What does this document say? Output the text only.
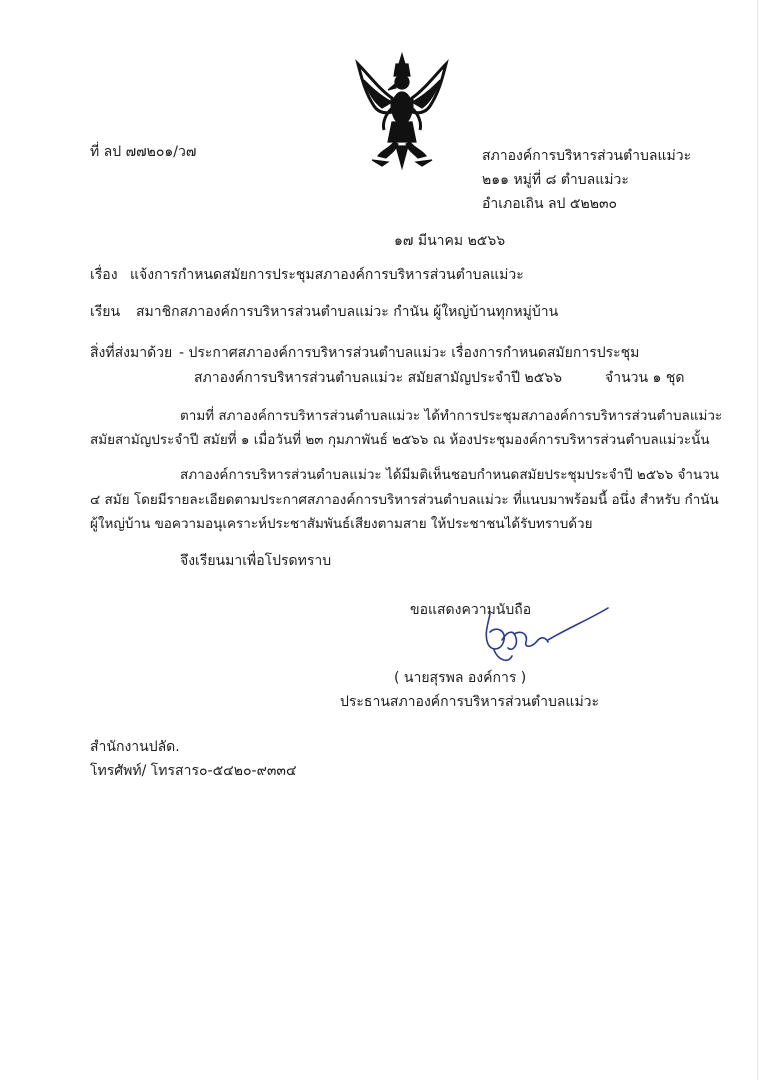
ที่ ลป ๗๗๒๐๑/ว๗	สภาองค์การบริหารส่วนตำบลแม่วะ
๒๑๑ หมู่ที่ ๘ ตำบลแม่วะ
อำเภอเถิน ลป ๕๒๒๓๐
๑๗ มีนาคม ๒๕๖๖
เรื่อง แจ้งการกำหนดสมัยการประชุมสภาองค์การบริหารส่วนตำบลแม่วะ
เรียน สมาชิกสภาองค์การบริหารส่วนตำบลแม่วะ กำนัน ผู้ใหญ่บ้านทุกหมู่บ้าน
สิ่งที่ส่งมาด้วย - ประกาศสภาองค์การบริหารส่วนตำบลแม่วะ เรื่องการกำหนดสมัยการประชุม
สภาองค์การบริหารส่วนตำบลแม่วะ สมัยสามัญประจำปี ๒๕๖๖	จำนวน ๑ ชุด
ตามที่ สภาองค์การบริหารส่วนตำบลแม่วะ ได้ทำการประชุมสภาองค์การบริหารส่วนตำบลแม่วะ
สมัยสามัญประจำปี สมัยที่ ๑ เมื่อวันที่ ๒๓ กุมภาพันธ์ ๒๕๖๖ ณ ห้องประชุมองค์การบริหารส่วนตำบลแม่วะนั้น
สภาองค์การบริหารส่วนตำบลแม่วะ ได้มีมติเห็นชอบกำหนดสมัยประชุมประจำปี ๒๕๖๖ จำนวน
๔ สมัย โดยมีรายละเอียดตามประกาศสภาองค์การบริหารส่วนตำบลแม่วะ ที่แนบมาพร้อมนี้ อนึ่ง สำหรับ กำนัน
ผู้ใหญ่บ้าน ขอความอนุเคราะห์ประชาสัมพันธ์เสียงตามสาย ให้ประชาชนได้รับทราบด้วย
จึงเรียนมาเพื่อโปรดทราบ
ขอแสดงความนับถือ
( นายสุรพล องค์การ )
ประธานสภาองค์การบริหารส่วนตำบลแม่วะ
สำนักงานปลัด.
โทรศัพท์/ โทรสาร๐-๕๔๒๐-๙๓๓๔
